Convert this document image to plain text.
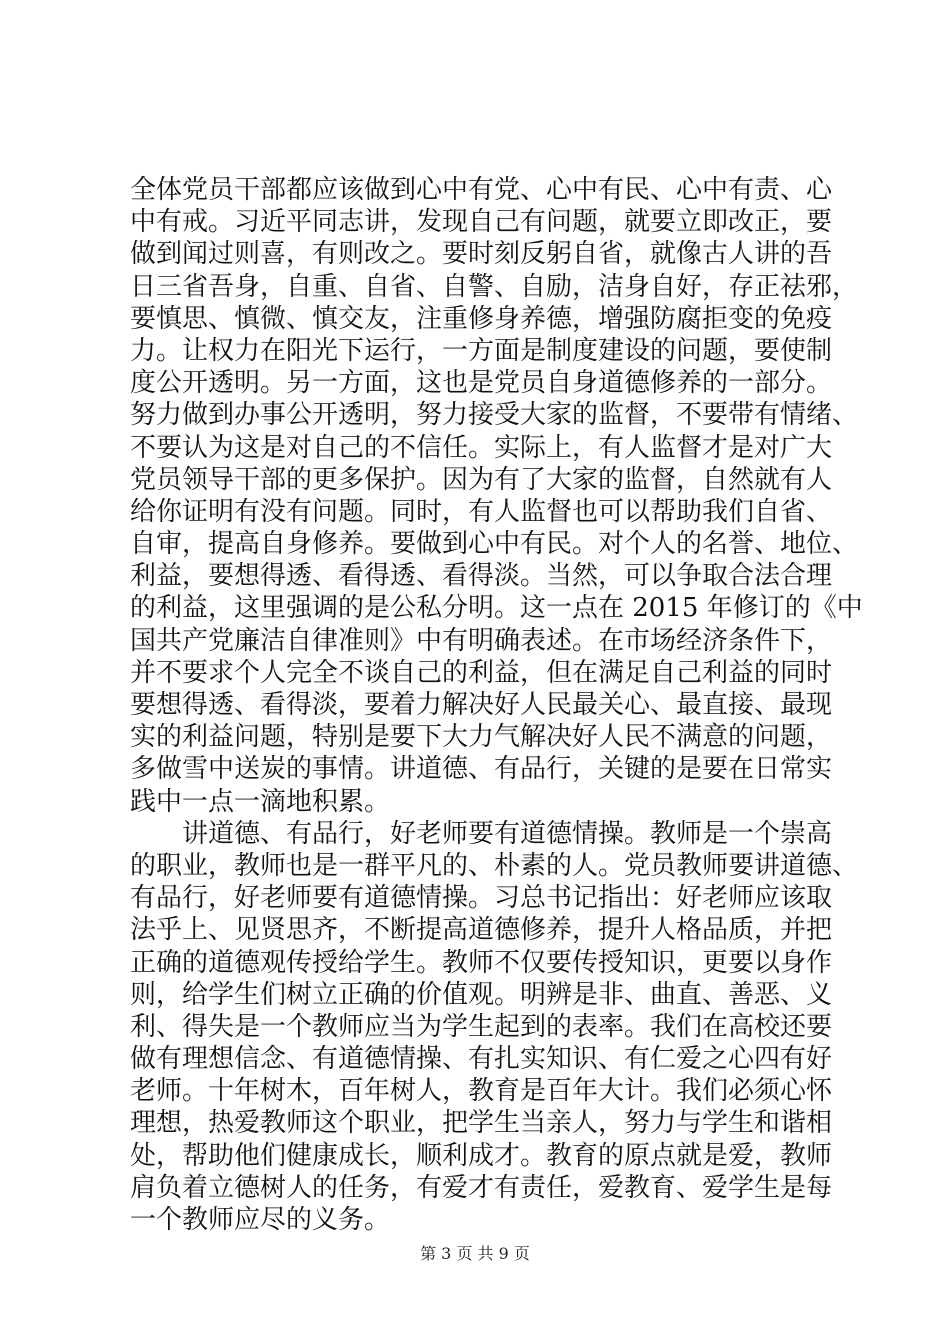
全体党员干部都应该做到心中有党、心中有民、心中有责、心
中有戒。习近平同志讲，发现自己有问题，就要立即改正，要
做到闻过则喜，有则改之。要时刻反躬自省，就像古人讲的吾
日三省吾身，自重、自省、自警、自励，洁身自好，存正祛邪，
要慎思、慎微、慎交友，注重修身养德，增强防腐拒变的免疫
力。让权力在阳光下运行，一方面是制度建设的问题，要使制
度公开透明。另一方面，这也是党员自身道德修养的一部分。
努力做到办事公开透明，努力接受大家的监督，不要带有情绪、
不要认为这是对自己的不信任。实际上，有人监督才是对广大
党员领导干部的更多保护。因为有了大家的监督，自然就有人
给你证明有没有问题。同时，有人监督也可以帮助我们自省、
自审，提高自身修养。要做到心中有民。对个人的名誉、地位、
利益，要想得透、看得透、看得淡。当然，可以争取合法合理
的利益，这里强调的是公私分明。这一点在 2015 年修订的《中
国共产党廉洁自律准则》中有明确表述。在市场经济条件下，
并不要求个人完全不谈自己的利益，但在满足自己利益的同时
要想得透、看得淡，要着力解决好人民最关心、最直接、最现
实的利益问题，特别是要下大力气解决好人民不满意的问题，
多做雪中送炭的事情。讲道德、有品行，关键的是要在日常实
践中一点一滴地积累。
　　讲道德、有品行，好老师要有道德情操。教师是一个崇高
的职业，教师也是一群平凡的、朴素的人。党员教师要讲道德、
有品行，好老师要有道德情操。习总书记指出：好老师应该取
法乎上、见贤思齐，不断提高道德修养，提升人格品质，并把
正确的道德观传授给学生。教师不仅要传授知识，更要以身作
则，给学生们树立正确的价值观。明辨是非、曲直、善恶、义
利、得失是一个教师应当为学生起到的表率。我们在高校还要
做有理想信念、有道德情操、有扎实知识、有仁爱之心四有好
老师。十年树木，百年树人，教育是百年大计。我们必须心怀
理想，热爱教师这个职业，把学生当亲人，努力与学生和谐相
处，帮助他们健康成长，顺利成才。教育的原点就是爱，教师
肩负着立德树人的任务，有爱才有责任，爱教育、爱学生是每
一个教师应尽的义务。
第 3 页 共 9 页
